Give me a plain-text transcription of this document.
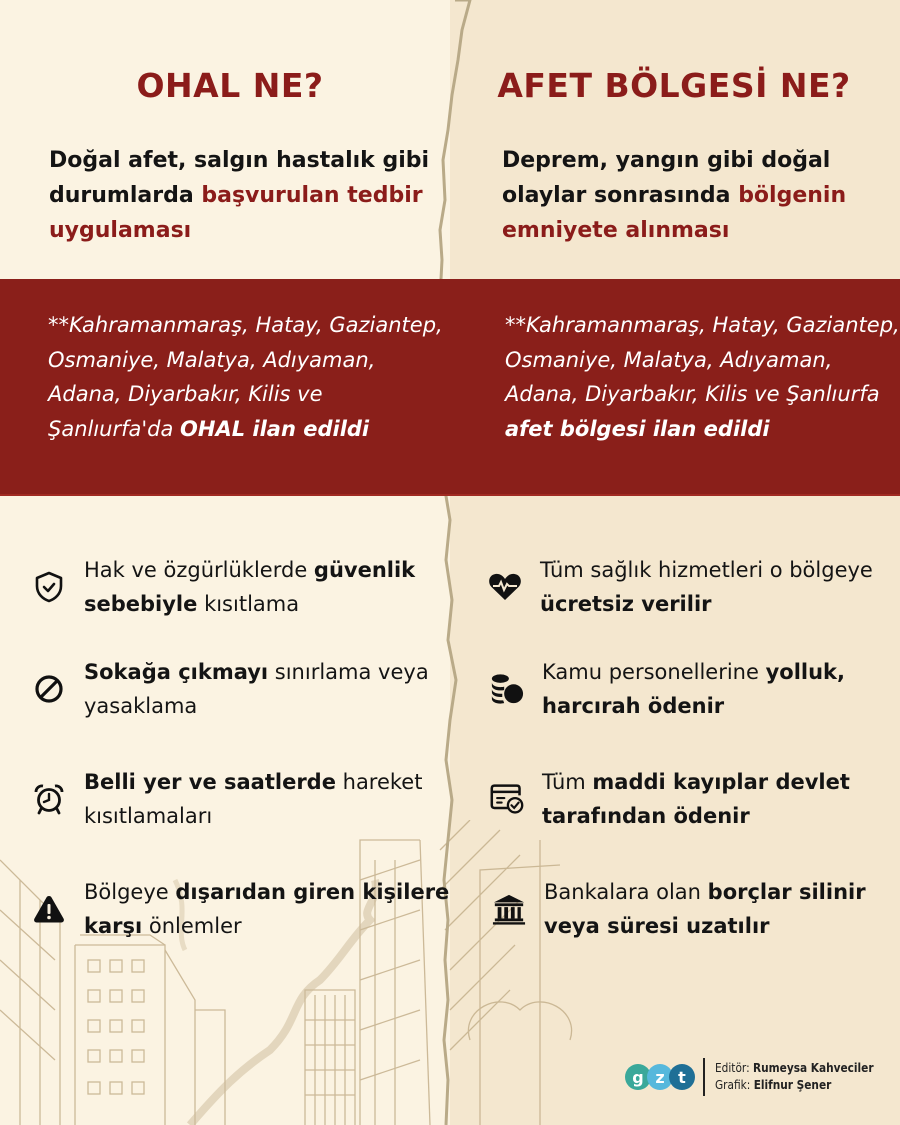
OHAL NE?

Doğal afet, salgın hastalık gibi durumlarda başvurulan tedbir uygulaması

AFET BÖLGESİ NE?

Deprem, yangın gibi doğal olaylar sonrasında bölgenin emniyete alınması

**Kahramanmaraş, Hatay, Gaziantep, Osmaniye, Malatya, Adıyaman, Adana, Diyarbakır, Kilis ve Şanlıurfa'da OHAL ilan edildi

**Kahramanmaraş, Hatay, Gaziantep, Osmaniye, Malatya, Adıyaman, Adana, Diyarbakır, Kilis ve Şanlıurfa afet bölgesi ilan edildi

Hak ve özgürlüklerde güvenlik sebebiyle kısıtlama
Sokağa çıkmayı sınırlama veya yasaklama
Belli yer ve saatlerde hareket kısıtlamaları
Bölgeye dışarıdan giren kişilere karşı önlemler
Tüm sağlık hizmetleri o bölgeye ücretsiz verilir
Kamu personellerine yolluk, harcırah ödenir
Tüm maddi kayıplar devlet tarafından ödenir
Bankalara olan borçlar silinir veya süresi uzatılır
g z t	Editör: Rumeysa Kahveciler
Grafik: Elifnur Şener
